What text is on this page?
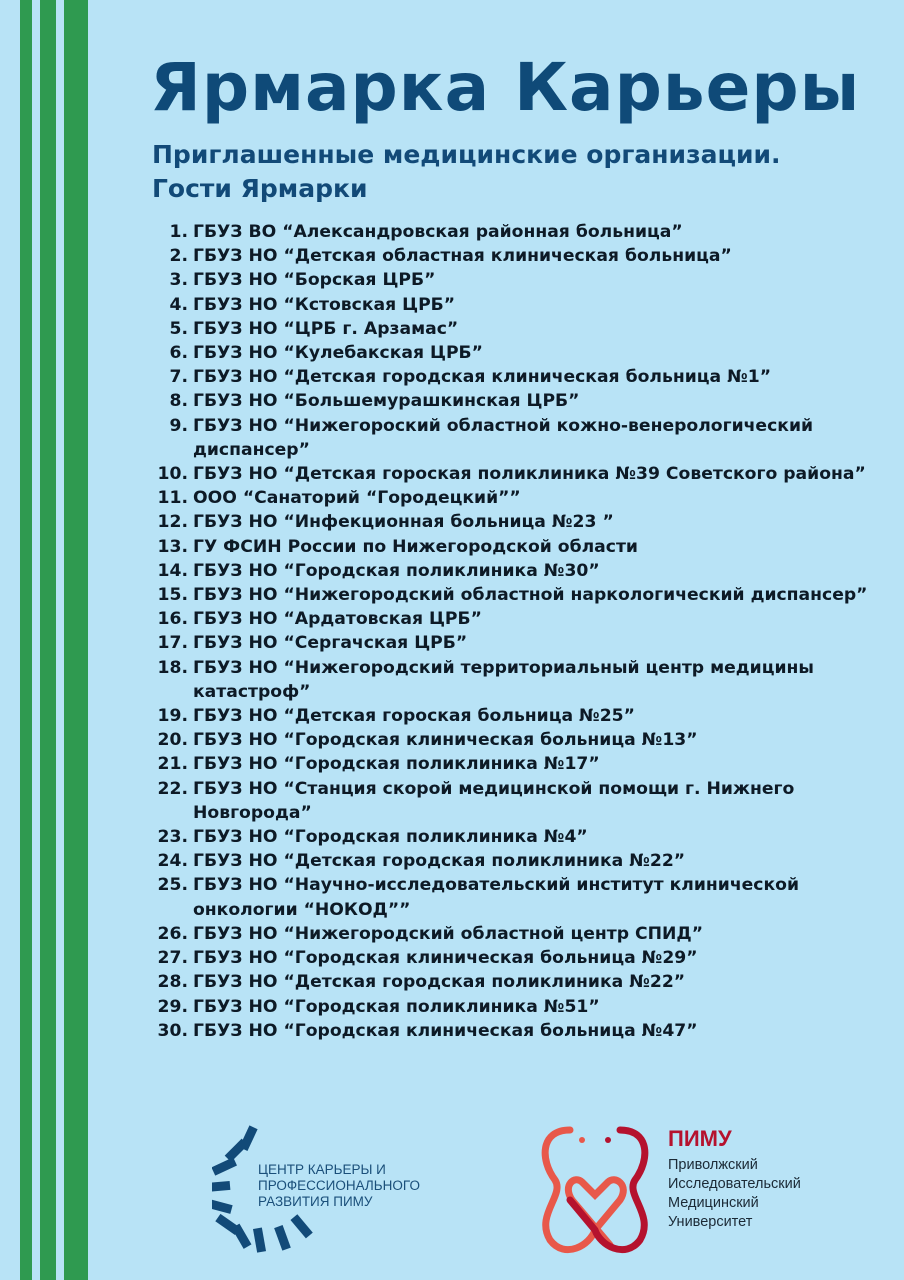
Ярмарка Карьеры
Приглашенные медицинские организации.
Гости Ярмарки
1. ГБУЗ ВО “Александровская районная больница”
2. ГБУЗ НО “Детская областная клиническая больница”
3. ГБУЗ НО “Борская ЦРБ”
4. ГБУЗ НО “Кстовская ЦРБ”
5. ГБУЗ НО “ЦРБ г. Арзамас”
6. ГБУЗ НО “Кулебакская ЦРБ”
7. ГБУЗ НО “Детская городская клиническая больница №1”
8. ГБУЗ НО “Большемурашкинская ЦРБ”
9. ГБУЗ НО “Нижегороский областной кожно-венерологический диспансер”
10. ГБУЗ НО “Детская гороская поликлиника №39 Советского района”
11. ООО “Санаторий “Городецкий””
12. ГБУЗ НО “Инфекционная больница №23 ”
13. ГУ ФСИН России по Нижегородской области
14. ГБУЗ НО “Городская поликлиника №30”
15. ГБУЗ НО “Нижегородский областной наркологический диспансер”
16. ГБУЗ НО “Ардатовская ЦРБ”
17. ГБУЗ НО “Сергачская ЦРБ”
18. ГБУЗ НО “Нижегородский территориальный центр медицины катастроф”
19. ГБУЗ НО “Детская гороская больница №25”
20. ГБУЗ НО “Городская клиническая больница №13”
21. ГБУЗ НО “Городская поликлиника №17”
22. ГБУЗ НО “Станция скорой медицинской помощи г. Нижнего Новгорода”
23. ГБУЗ НО “Городская поликлиника №4”
24. ГБУЗ НО “Детская городская поликлиника №22”
25. ГБУЗ НО “Научно-исследовательский институт клинической онкологии “НОКОД””
26. ГБУЗ НО “Нижегородский областной центр СПИД”
27. ГБУЗ НО “Городская клиническая больница №29”
28. ГБУЗ НО “Детская городская поликлиника №22”
29. ГБУЗ НО “Городская поликлиника №51”
30. ГБУЗ НО “Городская клиническая больница №47”
ЦЕНТР КАРЬЕРЫ И
ПРОФЕССИОНАЛЬНОГО
РАЗВИТИЯ ПИМУ
ПИМУ
Приволжский
Исследовательский
Медицинский
Университет
